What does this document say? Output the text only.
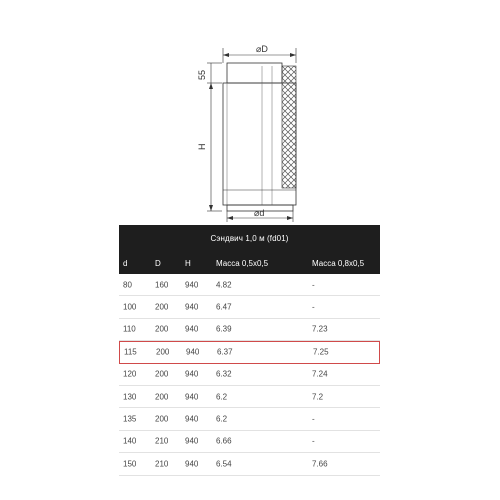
⌀D
55
H
⌀d
Сэндвич 1,0 м (fd01)
d	D	H	Масса 0,5х0,5	Масса 0,8х0,5
80	160 940 4.82	-
100 200 940 6.47	-
110 200 940 6.39	7.23
115 200 940 6.37	7.25
120 200 940 6.32	7.24
130 200 940 6.2	7.2
135 200 940 6.2	-
140 210 940 6.66	-
150 210 940 6.54	7.66
